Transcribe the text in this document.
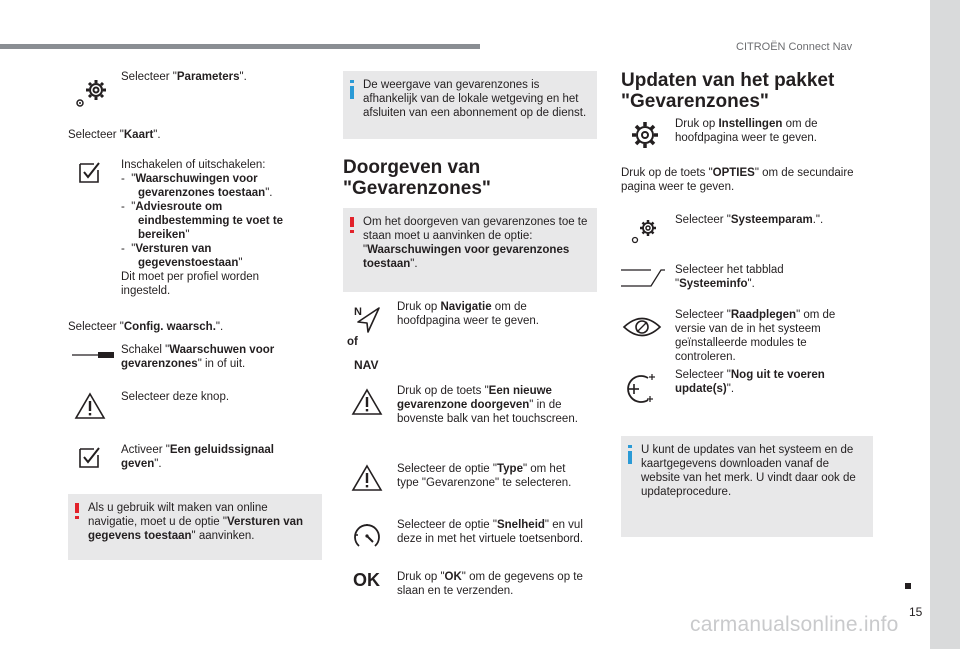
CITROËN Connect Nav
15
carmanualsonline.info
Selecteer "Parameters".
Selecteer "Kaart".
Inschakelen of uitschakelen:
- "Waarschuwingen voor gevarenzones toestaan".
- "Adviesroute om eindbestemming te voet te bereiken"
- "Versturen van gegevenstoestaan"
Dit moet per profiel worden ingesteld.
Selecteer "Config. waarsch.".
Schakel "Waarschuwen voor gevarenzones" in of uit.
Selecteer deze knop.
Activeer "Een geluidssignaal geven".
Als u gebruik wilt maken van online navigatie, moet u de optie "Versturen van gegevens toestaan" aanvinken.
De weergave van gevarenzones is afhankelijk van de lokale wetgeving en het afsluiten van een abonnement op de dienst.
Doorgeven van "Gevarenzones"
Om het doorgeven van gevarenzones toe te staan moet u aanvinken de optie: "Waarschuwingen voor gevarenzones toestaan".
N
of
NAV
Druk op Navigatie om de hoofdpagina weer te geven.
Druk op de toets "Een nieuwe gevarenzone doorgeven" in de bovenste balk van het touchscreen.
Selecteer de optie "Type" om het type "Gevarenzone" te selecteren.
Selecteer de optie "Snelheid" en vul deze in met het virtuele toetsenbord.
OK Druk op "OK" om de gegevens op te slaan en te verzenden.
Updaten van het pakket "Gevarenzones"
Druk op Instellingen om de hoofdpagina weer te geven.
Druk op de toets "OPTIES" om de secundaire pagina weer te geven.
Selecteer "Systeemparam.".
Selecteer het tabblad "Systeeminfo".
Selecteer "Raadplegen" om de versie van de in het systeem geïnstalleerde modules te controleren.
Selecteer "Nog uit te voeren update(s)".
U kunt de updates van het systeem en de kaartgegevens downloaden vanaf de website van het merk. U vindt daar ook de updateprocedure.
